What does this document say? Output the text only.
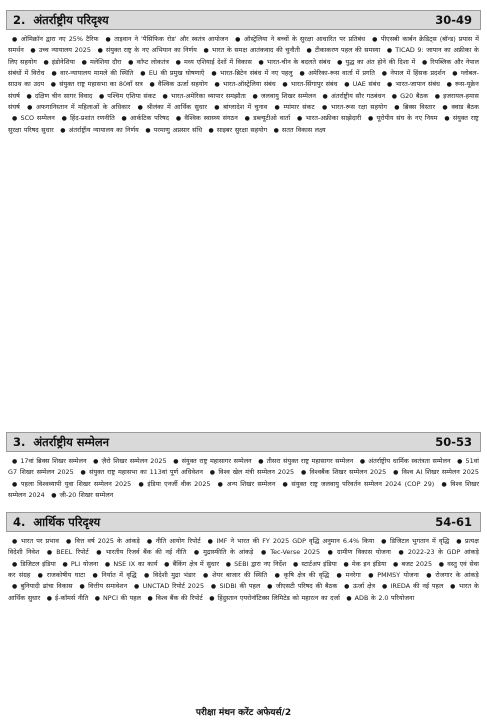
2. अंतर्राष्ट्रीय परिदृश्य	30-49
● ओमिक्रॉन द्वारा नए 25% टैरिफ ● ताइवान ने 'पैसिफिक रोड' और स्वतंत्र आयोजन ● ऑस्ट्रेलिया ने बच्चों के सुरक्षा आधारित पर प्रतिबंध ● पीएसबी कार्बन क्रेडिट्स (बॉन्ड) प्रयास में समर्थन ● उच्च न्यायालय 2025 ● संयुक्त राष्ट्र के नए अभियान का निर्णय ● भारत के समक्ष आतंकवाद की चुनौती ● टीकाकरण पहल की समस्या ● TICAD 9: जापान का अफ्रीका के लिए सहयोग ● इंडोनेशिया ● मलेशिया दौरा ● कॉप्ट लोकतंत्र ● मध्य एशियाई देशों में विकास ● भारत-चीन के बदलते संबंध ● युद्ध का अंत होने की दिशा में ● रिपब्लिक और नेपाल संबंधों में विरोध ● वार-न्यायालय मामले की स्थिति ● EU की प्रमुख घोषणाएँ ● भारत-ब्रिटेन संबंध में नए पहलु ● अमेरिका-रूस वार्ता में प्रगति ● नेपाल में हिंसक प्रदर्शन ● ग्लोबल-साउथ का उदय ● संयुक्त राष्ट्र महासभा का 80वाँ सत्र ● वैश्विक ऊर्जा सहयोग ● भारत-ऑस्ट्रेलिया संबंध ● भारत-सिंगापुर संबंध ● UAE संबंध ● भारत-जापान संबंध ● रूस-यूक्रेन संघर्ष ● दक्षिण चीन सागर विवाद ● पश्चिम एशिया संकट ● भारत-अमेरिका व्यापार समझौता ● जलवायु शिखर सम्मेलन ● अंतर्राष्ट्रीय सौर गठबंधन ● G20 बैठक ● इजरायल-हमास संघर्ष	● अफगानिस्तान में महिलाओं के अधिकार	● श्रीलंका में आर्थिक सुधार	● बांग्लादेश में चुनाव	● म्यांमार संकट	● भारत-रूस रक्षा सहयोग	● ब्रिक्स विस्तार	● क्वाड बैठक ● SCO सम्मेलन ● हिंद-प्रशांत रणनीति ● आर्कटिक परिषद ● वैश्विक स्वास्थ्य संगठन ● डब्ल्यूटीओ वार्ता ● भारत-अफ्रीका साझेदारी ● यूरोपीय संघ के नए नियम ● संयुक्त राष्ट्र सुरक्षा परिषद सुधार ● अंतर्राष्ट्रीय न्यायालय का निर्णय ● परमाणु अप्रसार संधि ● साइबर सुरक्षा सहयोग ● सतत विकास लक्ष्य
3. अंतर्राष्ट्रीय सम्मेलन	50-53
● 17वां ब्रिक्स शिखर सम्मेलन ● ज़ैरो शिखर सम्मेलन 2025 ● संयुक्त राष्ट्र महासागर सम्मेलन ● तीसरा संयुक्त राष्ट्र महासागर सम्मेलन ● अंतर्राष्ट्रीय धार्मिक स्वतंत्रता सम्मेलन ● 51वां G7 शिखर सम्मेलन 2025 ● संयुक्त राष्ट्र महासभा का 113वां पूर्ण अधिवेशन ● विश्व खेल मंत्री सम्मेलन 2025 ● विश्वबैंक शिखर सम्मेलन 2025 ● विश्व AI शिखर सम्मेलन 2025 ● पहला विश्वव्यापी युवा शिखर सम्मेलन 2025	● इंडिया एनर्जी वीक 2025	● अन्य शिखर सम्मेलन	● संयुक्त राष्ट्र जलवायु परिवर्तन सम्मेलन 2024 (COP 29)	● विश्व शिखर सम्मेलन 2024 ● जी-20 शिखर सम्मेलन
4. आर्थिक परिदृश्य	54-61
● भारत पर प्रभाव ● वित्त वर्ष 2025 के आंकड़े ● नीति आयोग रिपोर्ट ● IMF ने भारत की FY 2025 GDP वृद्धि अनुमान 6.4% किया ● डिजिटल भुगतान में वृद्धि ● प्रत्यक्ष विदेशी निवेश	● BEEL रिपोर्ट	● भारतीय रिजर्व बैंक की नई नीति	● मुद्रास्फीति के आंकड़े	● Tec-Verse 2025	● ग्रामीण विकास योजना	● 2022-23 के GDP आंकड़े ● डिजिटल इंडिया ● PLI योजना ● NSE IX का कार्य ● बैंकिंग क्षेत्र में सुधार ● SEBI द्वारा नए निर्देश ● स्टार्टअप इंडिया ● मेक इन इंडिया ● बजट 2025 ● वस्तु एवं सेवा कर संग्रह	● राजकोषीय घाटा	● निर्यात में वृद्धि	● विदेशी मुद्रा भंडार	● शेयर बाजार की स्थिति	● कृषि क्षेत्र की वृद्धि	● मनरेगा	● PMMSY योजना	● रोजगार के आंकड़े ● बुनियादी ढांचा विकास ● वित्तीय समावेशन ● UNCTAD रिपोर्ट 2025 ● SIDBI की पहल ● जीएसटी परिषद की बैठक ● ऊर्जा क्षेत्र ● IREDA की नई पहल ● भारत के आर्थिक सुधार ● ई-कॉमर्स नीति ● NPCI की पहल ● विश्व बैंक की रिपोर्ट ● हिंदुस्तान एयरोनॉटिक्स लिमिटेड को महारत्न का दर्जा ● ADB के 2.0 परियोजना
परीक्षा मंथन करेंट अफेयर्स/2
